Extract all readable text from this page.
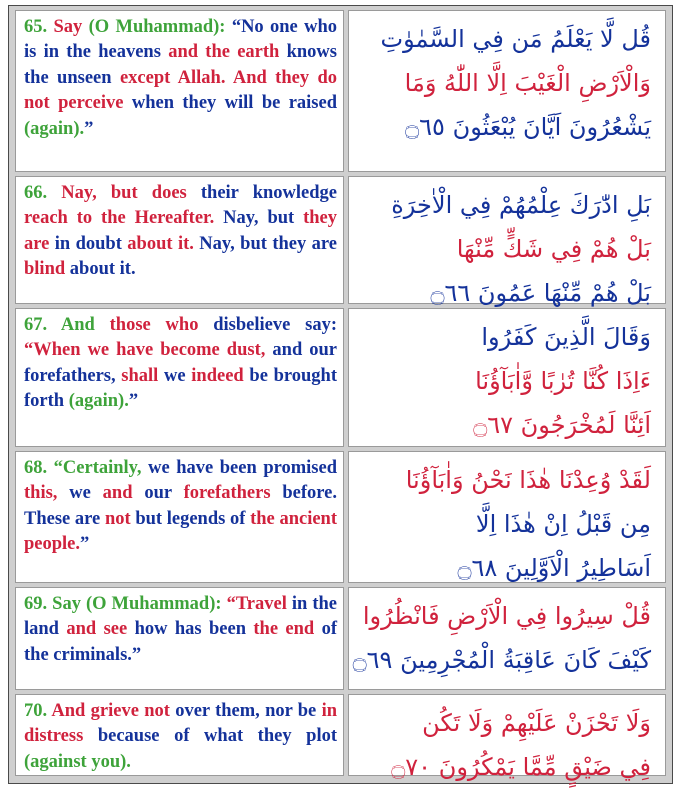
65. Say (O Muhammad): “No one who is in the heavens and the earth knows the unseen except Allah. And they do not perceive when they will be raised (again).”
قُل لَّا يَعْلَمُ مَن فِي السَّمٰوٰتِ
وَالْاَرْضِ الْغَيْبَ اِلَّا اللّٰهُ وَمَا
يَشْعُرُونَ اَيَّانَ يُبْعَثُونَ ۝٦٥
66. Nay, but does their knowledge reach to the Hereafter. Nay, but they are in doubt about it. Nay, but they are blind about it.
بَلِ ادّٰرَكَ عِلْمُهُمْ فِي الْاٰخِرَةِ
بَلْ هُمْ فِي شَكٍّ مِّنْهَا
بَلْ هُمْ مِّنْهَا عَمُونَ ۝٦٦
67. And those who disbelieve say: “When we have become dust, and our forefathers, shall we indeed be brought forth (again).”
وَقَالَ الَّذِينَ كَفَرُوا
ءَاِذَا كُنَّا تُرٰبًا وَّاٰبَآؤُنَا
اَئِنَّا لَمُخْرَجُونَ ۝٦٧
68. “Certainly, we have been promised this, we and our forefathers before. These are not but legends of the ancient people.”
لَقَدْ وُعِدْنَا هٰذَا نَحْنُ وَاٰبَآؤُنَا
مِن قَبْلُ اِنْ هٰذَا اِلَّا
اَسَاطِيرُ الْاَوَّلِينَ ۝٦٨
69. Say (O Muhammad): “Travel in the land and see how has been the end of the criminals.”
قُلْ سِيرُوا فِي الْاَرْضِ فَانْظُرُوا
كَيْفَ كَانَ عَاقِبَةُ الْمُجْرِمِينَ ۝٦٩
70. And grieve not over them, nor be in distress because of what they plot (against you).
وَلَا تَحْزَنْ عَلَيْهِمْ وَلَا تَكُن
فِي ضَيْقٍ مِّمَّا يَمْكُرُونَ ۝٧٠
